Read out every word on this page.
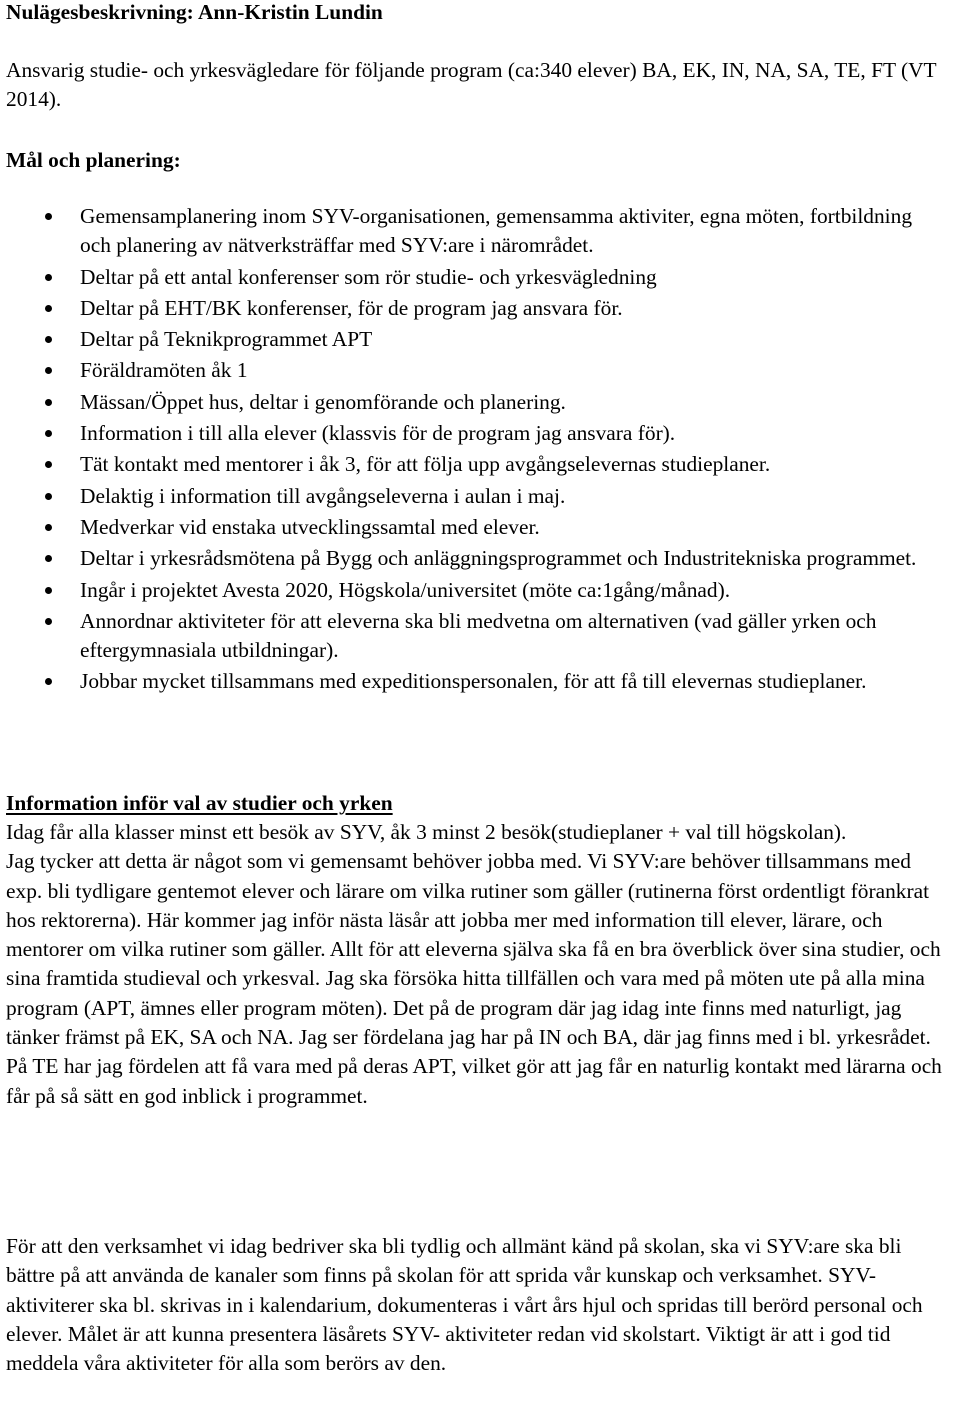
Nulägesbeskrivning: Ann-Kristin Lundin

Ansvarig studie- och yrkesvägledare för följande program (ca:340 elever) BA, EK, IN, NA, SA, TE, FT (VT 2014).

Mål och planering:
Gemensamplanering inom SYV-organisationen, gemensamma aktiviter, egna möten, fortbildning och planering av nätverksträffar med SYV:are i närområdet.
Deltar på ett antal konferenser som rör studie- och yrkesvägledning
Deltar på EHT/BK konferenser, för de program jag ansvara för.
Deltar på Teknikprogrammet APT
Föräldramöten åk 1
Mässan/Öppet hus, deltar i genomförande och planering.
Information i till alla elever (klassvis för de program jag ansvara för).
Tät kontakt med mentorer i åk 3, för att följa upp avgångselevernas studieplaner.
Delaktig i information till avgångseleverna i aulan i maj.
Medverkar vid enstaka utvecklingssamtal med elever.
Deltar i yrkesrådsmötena på Bygg och anläggningsprogrammet och Industritekniska programmet.
Ingår i projektet Avesta 2020, Högskola/universitet (möte ca:1gång/månad).
Annordnar aktiviteter för att eleverna ska bli medvetna om alternativen (vad gäller yrken och eftergymnasiala utbildningar).
Jobbar mycket tillsammans med expeditionspersonalen, för att få till elevernas studieplaner.
Information inför val av studier och yrken

Idag får alla klasser minst ett besök av SYV, åk 3 minst 2 besök(studieplaner + val till högskolan).

Jag tycker att detta är något som vi gemensamt behöver jobba med. Vi SYV:are behöver tillsammans med exp. bli tydligare gentemot elever och lärare om vilka rutiner som gäller (rutinerna först ordentligt förankrat hos rektorerna). Här kommer jag inför nästa läsår att jobba mer med information till elever, lärare, och mentorer om vilka rutiner som gäller. Allt för att eleverna själva ska få en bra överblick över sina studier, och sina framtida studieval och yrkesval. Jag ska försöka hitta tillfällen och vara med på möten ute på alla mina program (APT, ämnes eller program möten). Det på de program där jag idag inte finns med naturligt, jag tänker främst på EK, SA och NA. Jag ser fördelana jag har på IN och BA, där jag finns med i bl. yrkesrådet. På TE har jag fördelen att få vara med på deras APT, vilket gör att jag får en naturlig kontakt med lärarna och får på så sätt en god inblick i programmet.

För att den verksamhet vi idag bedriver ska bli tydlig och allmänt känd på skolan, ska vi SYV:are ska bli bättre på att använda de kanaler som finns på skolan för att sprida vår kunskap och verksamhet. SYV-aktiviterer ska bl. skrivas in i kalendarium, dokumenteras i vårt års hjul och spridas till berörd personal och elever. Målet är att kunna presentera läsårets SYV- aktiviteter redan vid skolstart. Viktigt är att i god tid meddela våra aktiviteter för alla som berörs av den.
